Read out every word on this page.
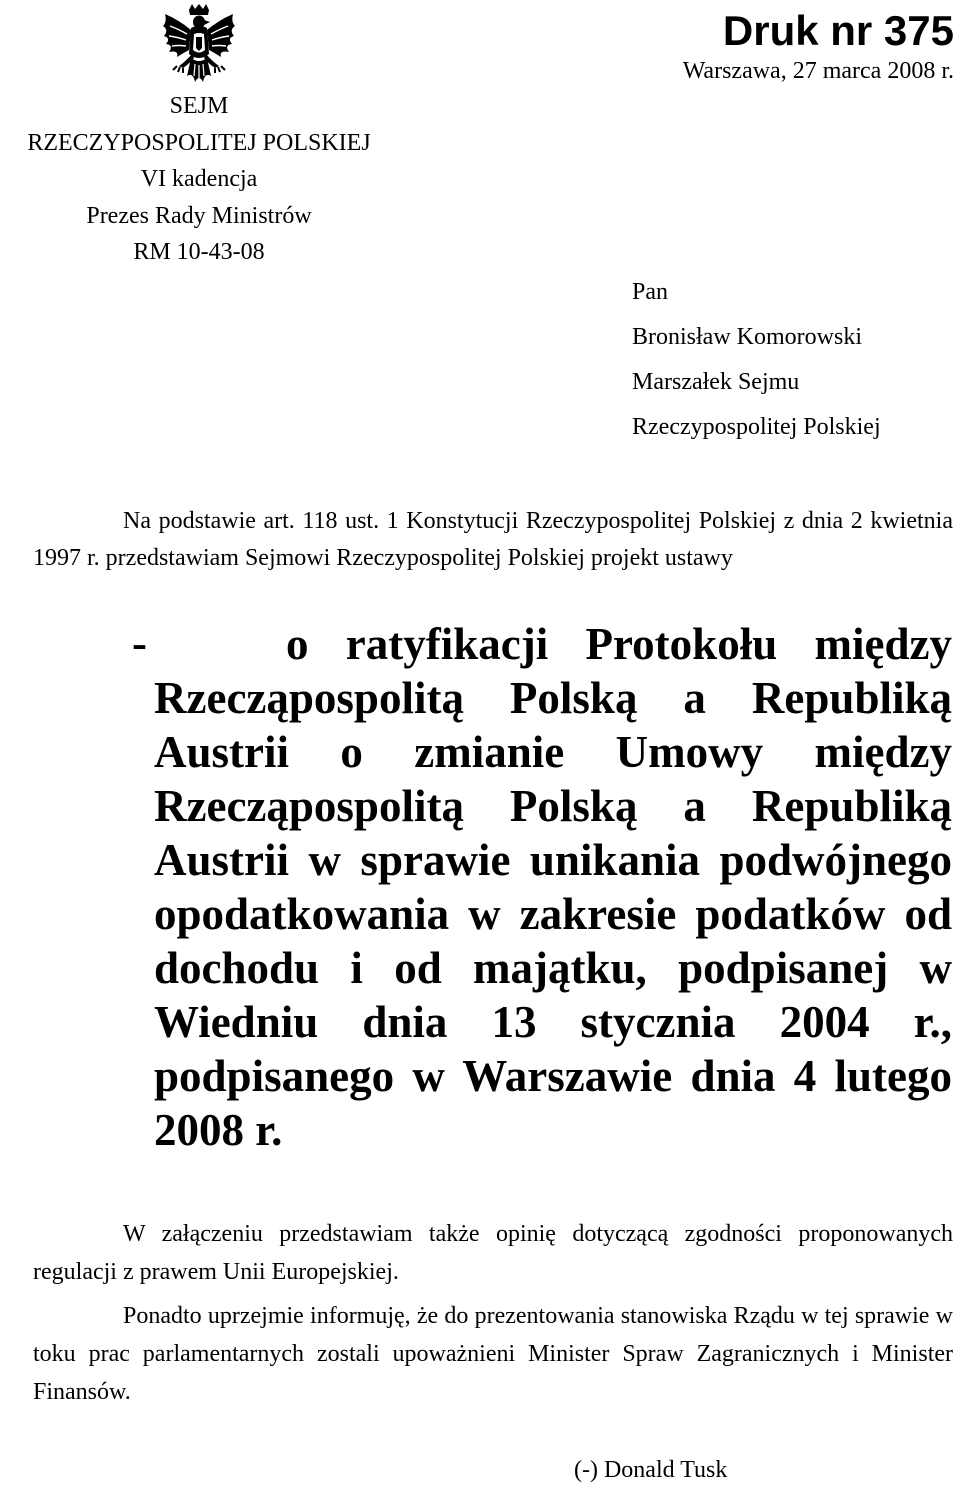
SEJM
RZECZYPOSPOLITEJ POLSKIEJ
VI kadencja
Prezes Rady Ministrów
RM 10-43-08
Druk nr 375
Warszawa, 27 marca 2008 r.
Pan
Bronisław Komorowski
Marszałek Sejmu
Rzeczypospolitej Polskiej
Na podstawie art. 118 ust. 1 Konstytucji Rzeczypospolitej Polskiej z dnia 2 kwietnia 1997 r. przedstawiam Sejmowi Rzeczypospolitej Polskiej projekt ustawy
-	o ratyfikacji Protokołu między Rzecząpospolitą Polską a Republiką Austrii o zmianie Umowy między Rzecząpospolitą Polską a Republiką Austrii w sprawie unikania podwójnego opodatkowania w zakresie podatków od dochodu i od majątku, podpisanej w Wiedniu dnia 13 stycznia 2004 r., podpisanego w Warszawie dnia 4 lutego 2008 r.
W załączeniu przedstawiam także opinię dotyczącą zgodności proponowanych regulacji z prawem Unii Europejskiej.
Ponadto uprzejmie informuję, że do prezentowania stanowiska Rządu w tej sprawie w toku prac parlamentarnych zostali upoważnieni Minister Spraw Zagranicznych i Minister Finansów.
(-) Donald Tusk
